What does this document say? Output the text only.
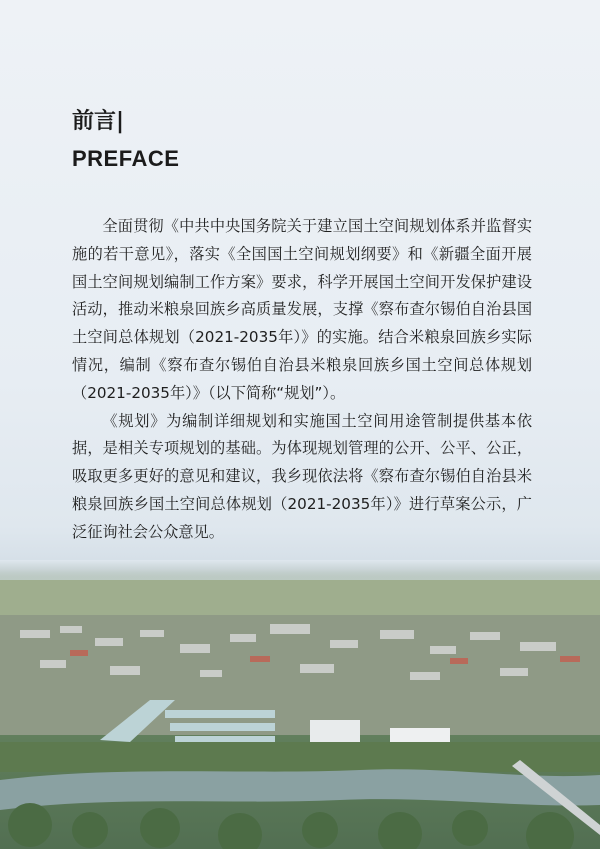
前言|
PREFACE

全面贯彻《中共中央国务院关于建立国土空间规划体系并监督实施的若干意见》，落实《全国国土空间规划纲要》和《新疆全面开展国土空间规划编制工作方案》要求，科学开展国土空间开发保护建设活动，推动米粮泉回族乡高质量发展，支撑《察布查尔锡伯自治县国土空间总体规划（2021-2035年）》的实施。结合米粮泉回族乡实际情况，编制《察布查尔锡伯自治县米粮泉回族乡国土空间总体规划（2021-2035年）》（以下简称“规划”）。

《规划》为编制详细规划和实施国土空间用途管制提供基本依据，是相关专项规划的基础。为体现规划管理的公开、公平、公正，吸取更多更好的意见和建议，我乡现依法将《察布查尔锡伯自治县米粮泉回族乡国土空间总体规划（2021-2035年）》进行草案公示，广泛征询社会公众意见。
